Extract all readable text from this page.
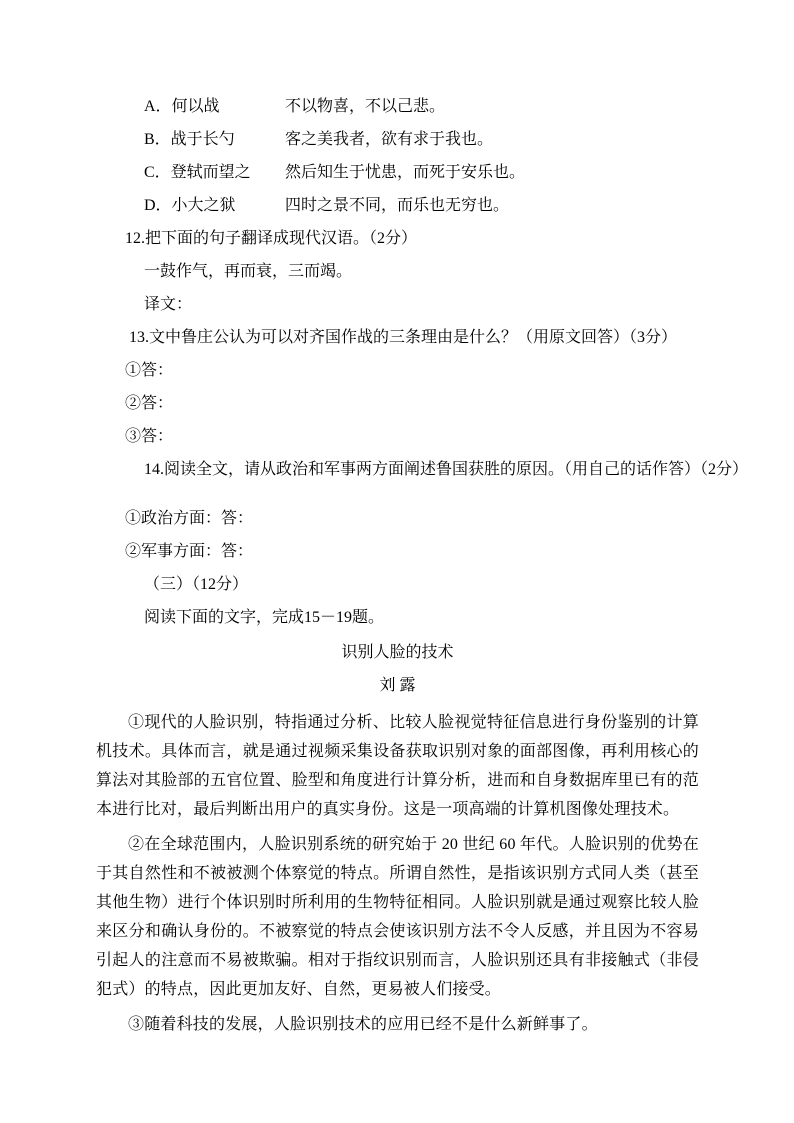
A．何以战	不以物喜，不以己悲。
B．战于长勺	客之美我者，欲有求于我也。
C．登轼而望之	然后知生于忧患，而死于安乐也。
D．小大之狱	四时之景不同，而乐也无穷也。
12.把下面的句子翻译成现代汉语。（2分）
一鼓作气，再而衰，三而竭。
译文：
13.文中鲁庄公认为可以对齐国作战的三条理由是什么？（用原文回答）（3分）
①答：
②答：
③答：
14.阅读全文，请从政治和军事两方面阐述鲁国获胜的原因。（用自己的话作答）（2分）
①政治方面：答：
②军事方面：答：
（三）（12分）
阅读下面的文字，完成15－19题。
识别人脸的技术
刘 露

①现代的人脸识别，特指通过分析、比较人脸视觉特征信息进行身份鉴别的计算机技术。具体而言，就是通过视频采集设备获取识别对象的面部图像，再利用核心的算法对其脸部的五官位置、脸型和角度进行计算分析，进而和自身数据库里已有的范本进行比对，最后判断出用户的真实身份。这是一项高端的计算机图像处理技术。

②在全球范围内，人脸识别系统的研究始于 20 世纪 60 年代。人脸识别的优势在于其自然性和不被被测个体察觉的特点。所谓自然性，是指该识别方式同人类（甚至其他生物）进行个体识别时所利用的生物特征相同。人脸识别就是通过观察比较人脸来区分和确认身份的。不被察觉的特点会使该识别方法不令人反感，并且因为不容易引起人的注意而不易被欺骗。相对于指纹识别而言，人脸识别还具有非接触式（非侵犯式）的特点，因此更加友好、自然，更易被人们接受。

③随着科技的发展，人脸识别技术的应用已经不是什么新鲜事了。
